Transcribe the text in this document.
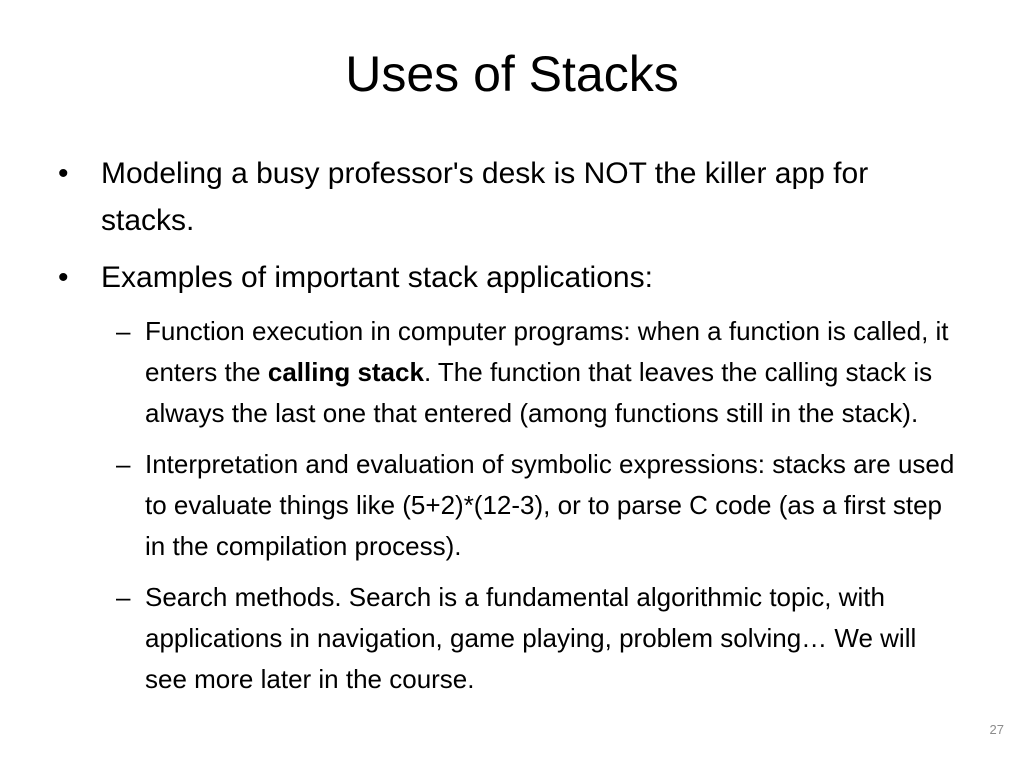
Uses of Stacks
• Modeling a busy professor's desk is NOT the killer app for stacks.
• Examples of important stack applications:
– Function execution in computer programs: when a function is called, it enters the calling stack. The function that leaves the calling stack is always the last one that entered (among functions still in the stack).
– Interpretation and evaluation of symbolic expressions: stacks are used to evaluate things like (5+2)*(12-3), or to parse C code (as a first step in the compilation process).
– Search methods. Search is a fundamental algorithmic topic, with applications in navigation, game playing, problem solving… We will see more later in the course.
27
